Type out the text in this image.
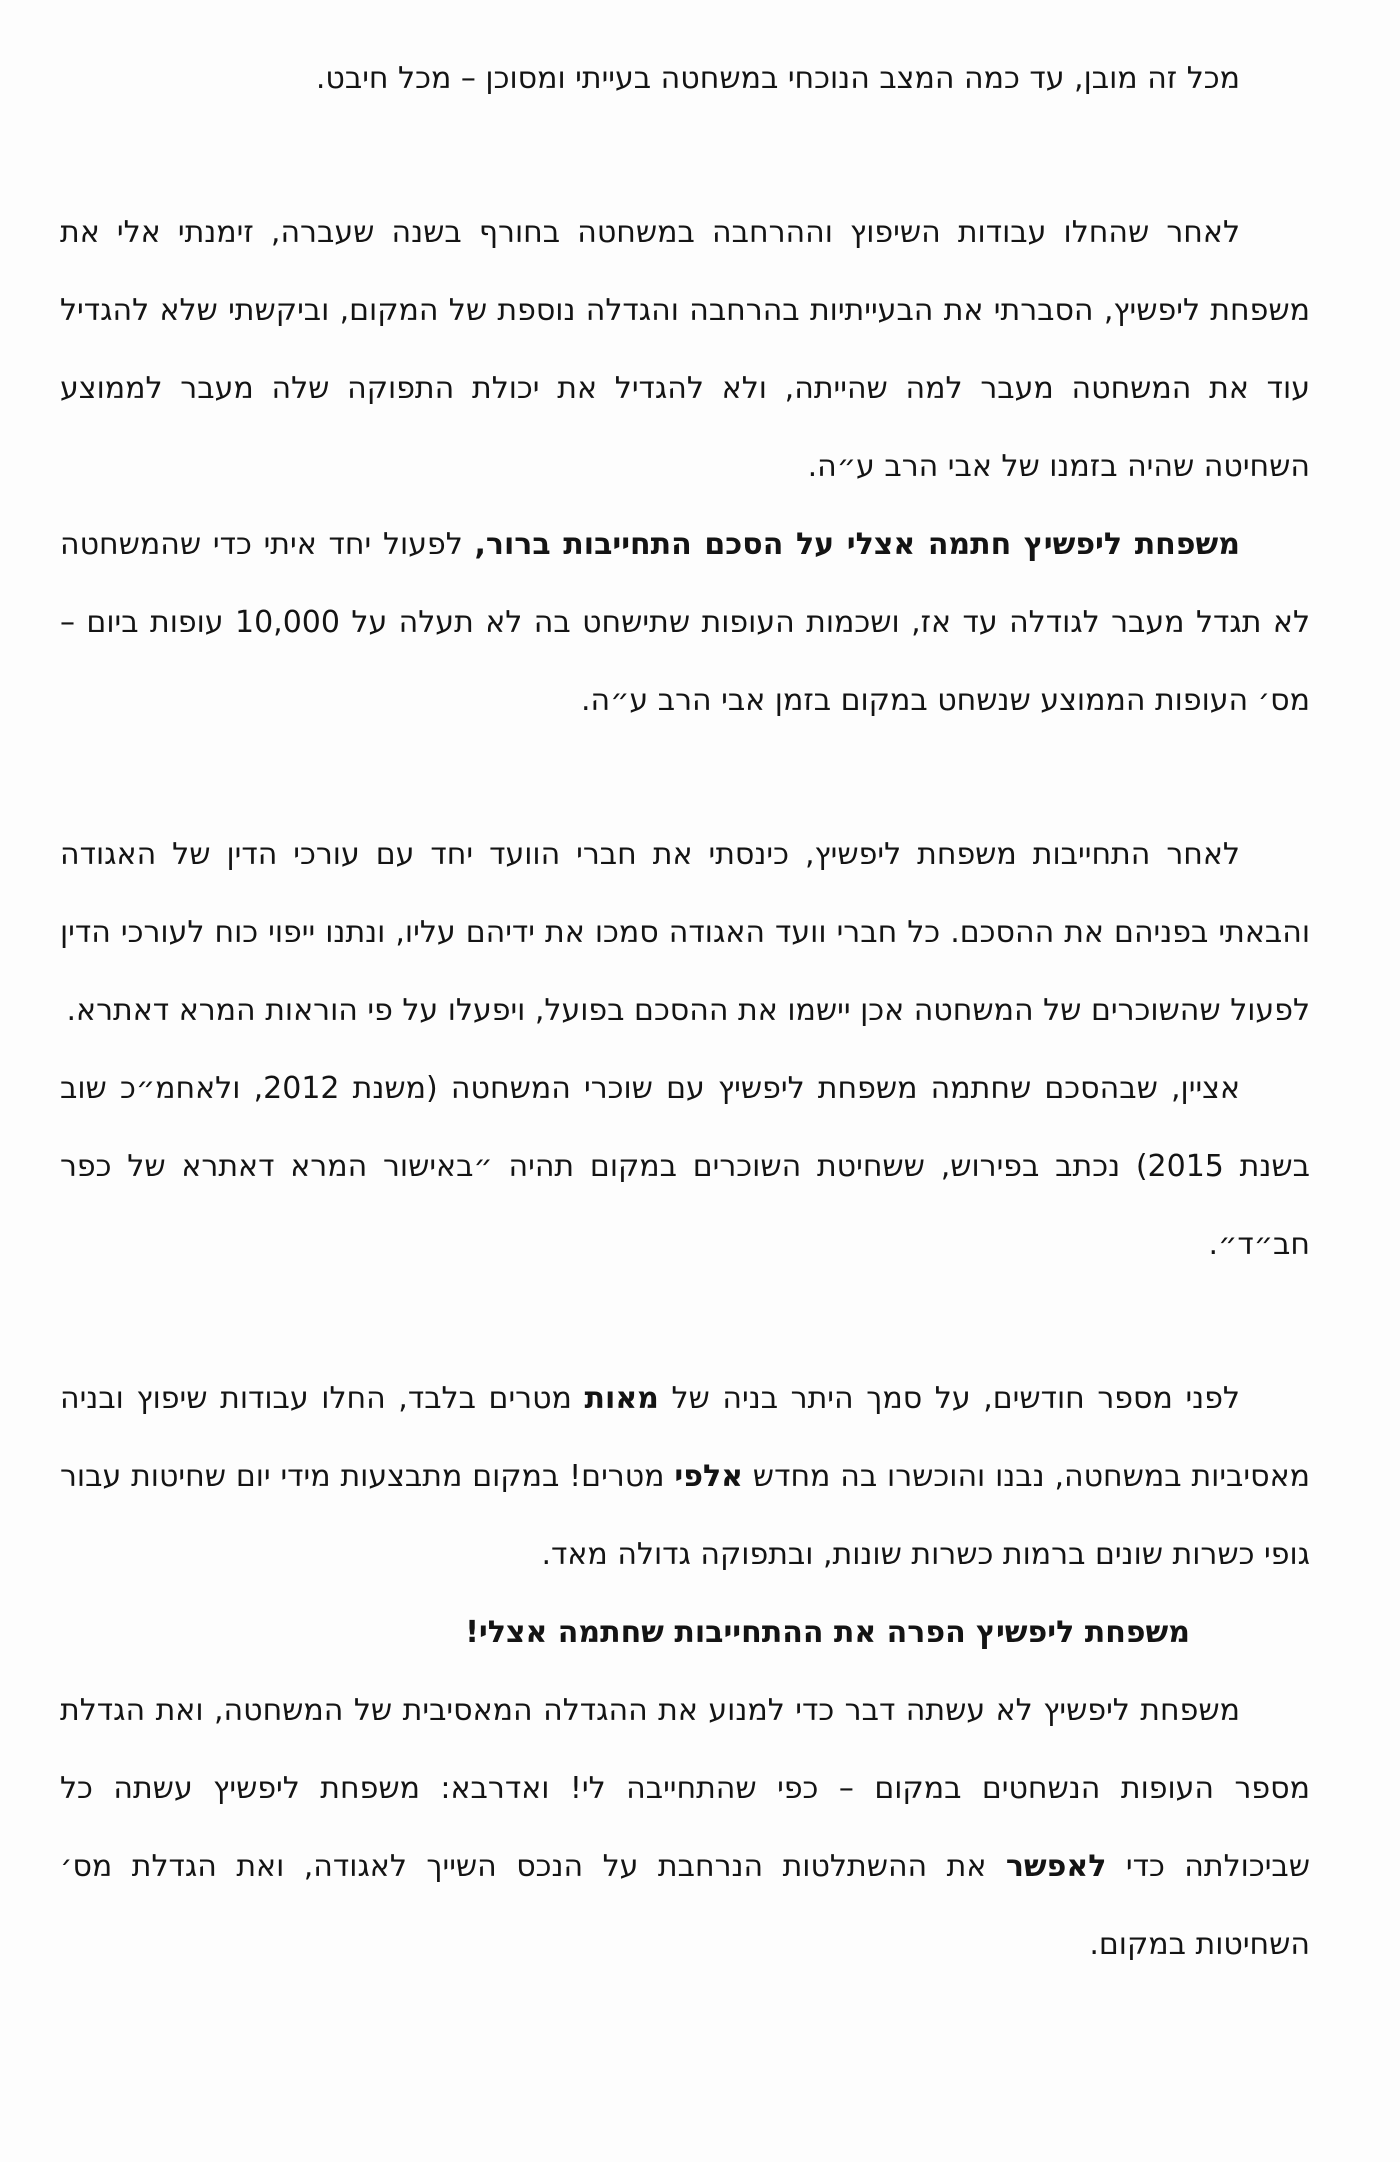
מכל זה מובן, עד כמה המצב הנוכחי במשחטה בעייתי ומסוכן – מכל חיבט.

לאחר שהחלו עבודות השיפוץ וההרחבה במשחטה בחורף בשנה שעברה, זימנתי אלי את משפחת ליפשיץ, הסברתי את הבעייתיות בהרחבה והגדלה נוספת של המקום, וביקשתי שלא להגדיל עוד את המשחטה מעבר למה שהייתה, ולא להגדיל את יכולת התפוקה שלה מעבר לממוצע השחיטה שהיה בזמנו של אבי הרב ע״ה.

משפחת ליפשיץ חתמה אצלי על הסכם התחייבות ברור, לפעול יחד איתי כדי שהמשחטה לא תגדל מעבר לגודלה עד אז, ושכמות העופות שתישחט בה לא תעלה על 10,000 עופות ביום – מס׳ העופות הממוצע שנשחט במקום בזמן אבי הרב ע״ה.

לאחר התחייבות משפחת ליפשיץ, כינסתי את חברי הוועד יחד עם עורכי הדין של האגודה והבאתי בפניהם את ההסכם. כל חברי וועד האגודה סמכו את ידיהם עליו, ונתנו ייפוי כוח לעורכי הדין לפעול שהשוכרים של המשחטה אכן יישמו את ההסכם בפועל, ויפעלו על פי הוראות המרא דאתרא.

אציין, שבהסכם שחתמה משפחת ליפשיץ עם שוכרי המשחטה (משנת 2012, ולאחמ״כ שוב בשנת 2015) נכתב בפירוש, ששחיטת השוכרים במקום תהיה ״באישור המרא דאתרא של כפר חב״ד״.

לפני מספר חודשים, על סמך היתר בניה של מאות מטרים בלבד, החלו עבודות שיפוץ ובניה מאסיביות במשחטה, נבנו והוכשרו בה מחדש אלפי מטרים! במקום מתבצעות מידי יום שחיטות עבור גופי כשרות שונים ברמות כשרות שונות, ובתפוקה גדולה מאד.

משפחת ליפשיץ הפרה את ההתחייבות שחתמה אצלי!

משפחת ליפשיץ לא עשתה דבר כדי למנוע את ההגדלה המאסיבית של המשחטה, ואת הגדלת מספר העופות הנשחטים במקום – כפי שהתחייבה לי! ואדרבא: משפחת ליפשיץ עשתה כל שביכולתה כדי לאפשר את ההשתלטות הנרחבת על הנכס השייך לאגודה, ואת הגדלת מס׳ השחיטות במקום.
